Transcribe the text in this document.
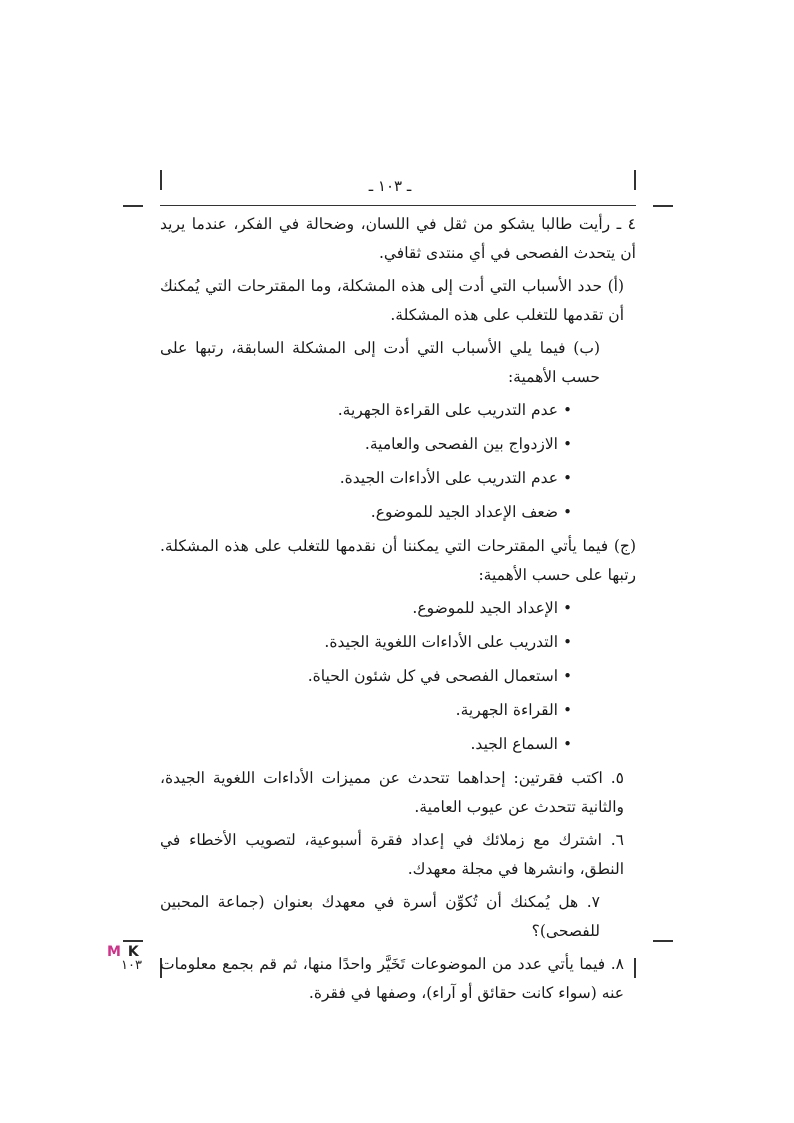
ـ ١٠٣ ـ

٤ ـ رأيت طالبا يشكو من ثقل في اللسان، وضحالة في الفكر، عندما يريد أن يتحدث الفصحى في أي منتدى ثقافي.

(أ) حدد الأسباب التي أدت إلى هذه المشكلة، وما المقترحات التي يُمكنك أن تقدمها للتغلب على هذه المشكلة.

(ب) فيما يلي الأسباب التي أدت إلى المشكلة السابقة، رتبها على حسب الأهمية:

• عدم التدريب على القراءة الجهرية.
• الازدواج بين الفصحى والعامية.
• عدم التدريب على الأداءات الجيدة.
• ضعف الإعداد الجيد للموضوع.

(ج) فيما يأتي المقترحات التي يمكننا أن نقدمها للتغلب على هذه المشكلة. رتبها على حسب الأهمية:

• الإعداد الجيد للموضوع.
• التدريب على الأداءات اللغوية الجيدة.
• استعمال الفصحى في كل شئون الحياة.
• القراءة الجهرية.
• السماع الجيد.

٥. اكتب فقرتين: إحداهما تتحدث عن مميزات الأداءات اللغوية الجيدة، والثانية تتحدث عن عيوب العامية.

٦. اشترك مع زملائك في إعداد فقرة أسبوعية، لتصويب الأخطاء في النطق، وانشرها في مجلة معهدك.

٧. هل يُمكنك أن تُكوِّن أسرة في معهدك بعنوان (جماعة المحبين للفصحى)؟

٨. فيما يأتي عدد من الموضوعات تَخَيَّر واحدًا منها، ثم قم بجمع معلومات عنه (سواء كانت حقائق أو آراء)، وصفها في فقرة.

M K
١٠٣
